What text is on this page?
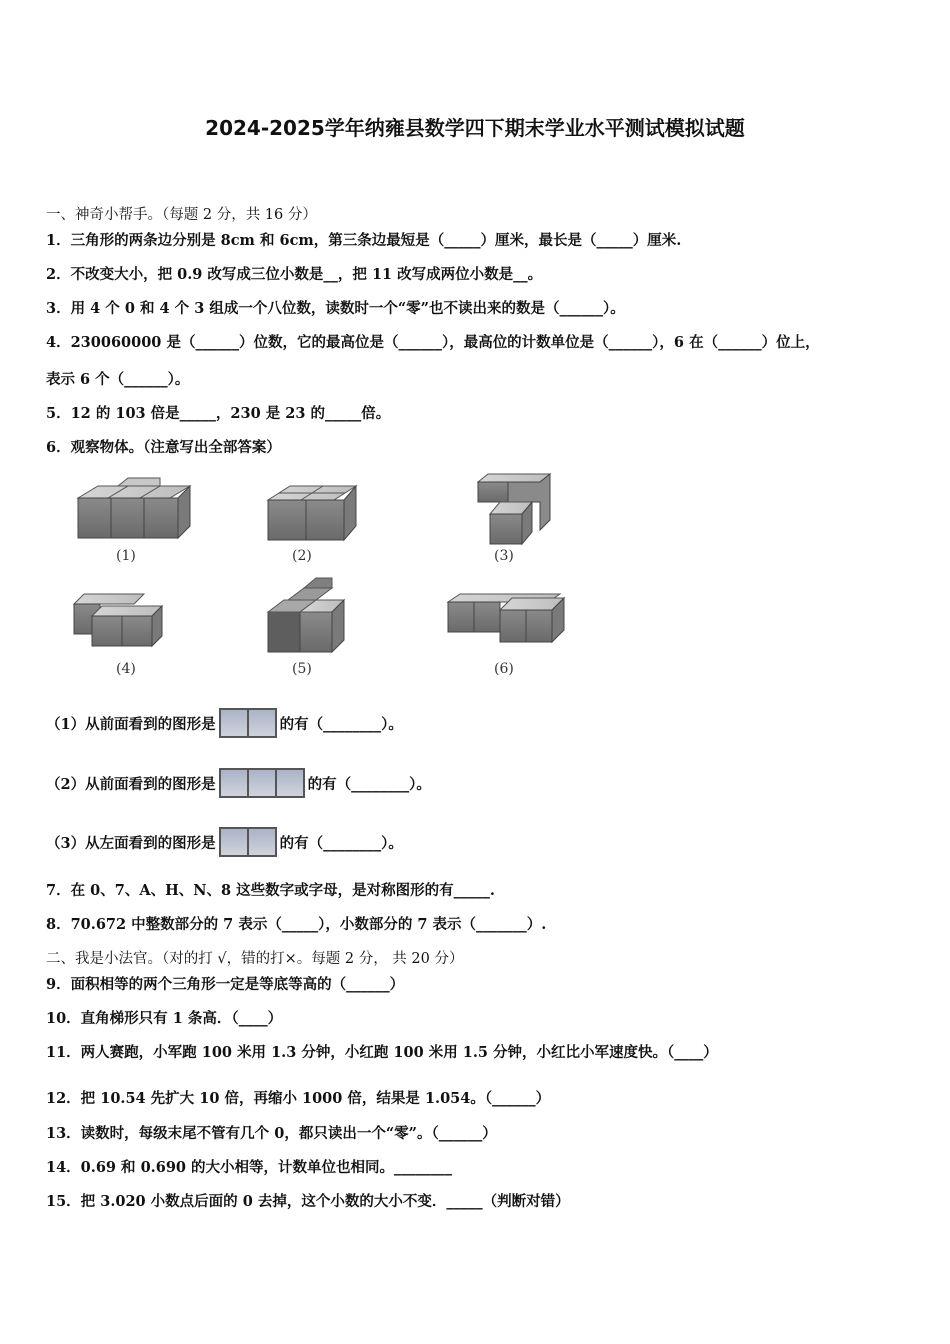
2024-2025学年纳雍县数学四下期末学业水平测试模拟试题
一、神奇小帮手。（每题 2 分，共 16 分）
1．三角形的两条边分别是 8cm 和 6cm，第三条边最短是（_____）厘米，最长是（_____）厘米.
2．不改变大小，把 0.9 改写成三位小数是__，把 11 改写成两位小数是__。
3．用 4 个 0 和 4 个 3 组成一个八位数，读数时一个“零”也不读出来的数是（______）。
4．230060000 是（______）位数，它的最高位是（______），最高位的计数单位是（______），6 在（______）位上，
表示 6 个（______）。
5．12 的 103 倍是_____，230 是 23 的_____倍。
6．观察物体。（注意写出全部答案）
(1)	(2)	(3)
(4)	(5)	(6)
（1）从前面看到的图形是	的有（________）。
（2）从前面看到的图形是	的有（________）。
（3）从左面看到的图形是	的有（________）。
7．在 0、7、A、H、N、8 这些数字或字母，是对称图形的有_____.
8．70.672 中整数部分的 7 表示（_____），小数部分的 7 表示（_______）.
二、我是小法官。（对的打 √，错的打×。每题 2 分， 共 20 分）
9．面积相等的两个三角形一定是等底等高的（______）
10．直角梯形只有 1 条高．（____）
11．两人赛跑，小军跑 100 米用 1.3 分钟，小红跑 100 米用 1.5 分钟，小红比小军速度快。（____）
12．把 10.54 先扩大 10 倍，再缩小 1000 倍，结果是 1.054。（______）
13．读数时，每级末尾不管有几个 0，都只读出一个“零”。（______）
14．0.69 和 0.690 的大小相等，计数单位也相同。________
15．把 3.020 小数点后面的 0 去掉，这个小数的大小不变．_____（判断对错）
